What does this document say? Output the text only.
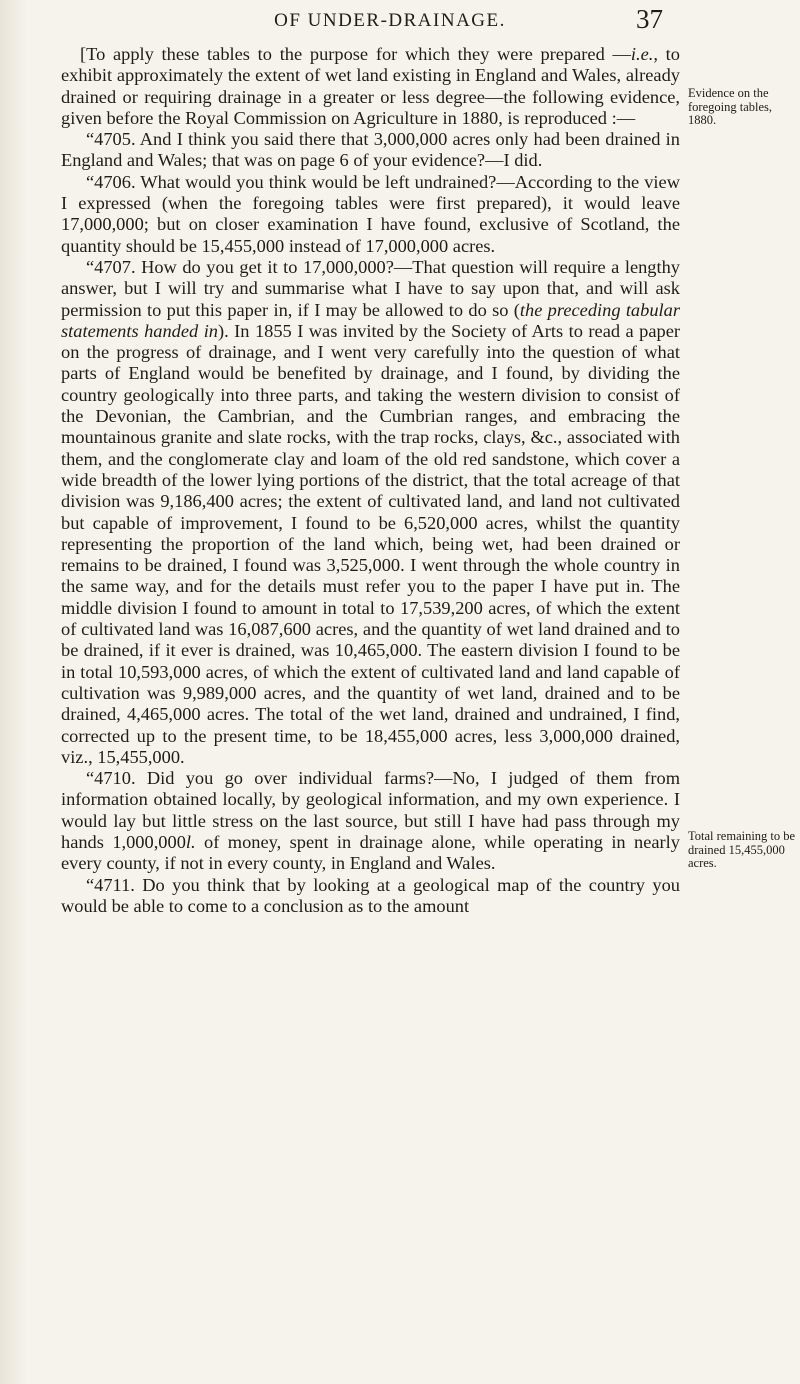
OF UNDER-DRAINAGE.	37

[To apply these tables to the purpose for which they were prepared —i.e., to exhibit approximately the extent of wet land existing in England and Wales, already drained or requiring drainage in a greater or less degree—the following evidence, given before the Royal Commission on Agriculture in 1880, is reproduced :—

“4705. And I think you said there that 3,000,000 acres only had been drained in England and Wales; that was on page 6 of your evidence?—I did.

“4706. What would you think would be left undrained?—According to the view I expressed (when the foregoing tables were first prepared), it would leave 17,000,000; but on closer examination I have found, exclusive of Scotland, the quantity should be 15,455,000 instead of 17,000,000 acres.

“4707. How do you get it to 17,000,000?—That question will require a lengthy answer, but I will try and summarise what I have to say upon that, and will ask permission to put this paper in, if I may be allowed to do so (the preceding tabular statements handed in). In 1855 I was invited by the Society of Arts to read a paper on the progress of drainage, and I went very carefully into the question of what parts of England would be benefited by drainage, and I found, by dividing the country geologically into three parts, and taking the western division to consist of the Devonian, the Cambrian, and the Cumbrian ranges, and embracing the mountainous granite and slate rocks, with the trap rocks, clays, &c., associated with them, and the conglomerate clay and loam of the old red sandstone, which cover a wide breadth of the lower lying portions of the district, that the total acreage of that division was 9,186,400 acres; the extent of cultivated land, and land not cultivated but capable of improvement, I found to be 6,520,000 acres, whilst the quantity representing the proportion of the land which, being wet, had been drained or remains to be drained, I found was 3,525,000. I went through the whole country in the same way, and for the details must refer you to the paper I have put in. The middle division I found to amount in total to 17,539,200 acres, of which the extent of cultivated land was 16,087,600 acres, and the quantity of wet land drained and to be drained, if it ever is drained, was 10,465,000. The eastern division I found to be in total 10,593,000 acres, of which the extent of cultivated land and land capable of cultivation was 9,989,000 acres, and the quantity of wet land, drained and to be drained, 4,465,000 acres. The total of the wet land, drained and undrained, I find, corrected up to the present time, to be 18,455,000 acres, less 3,000,000 drained, viz., 15,455,000.

“4710. Did you go over individual farms?—No, I judged of them from information obtained locally, by geological information, and my own experience. I would lay but little stress on the last source, but still I have had pass through my hands 1,000,000l. of money, spent in drainage alone, while operating in nearly every county, if not in every county, in England and Wales.

“4711. Do you think that by looking at a geological map of the country you would be able to come to a conclusion as to the amount

Evidence on the foregoing tables, 1880.
Total remaining to be drained 15,455,000 acres.
